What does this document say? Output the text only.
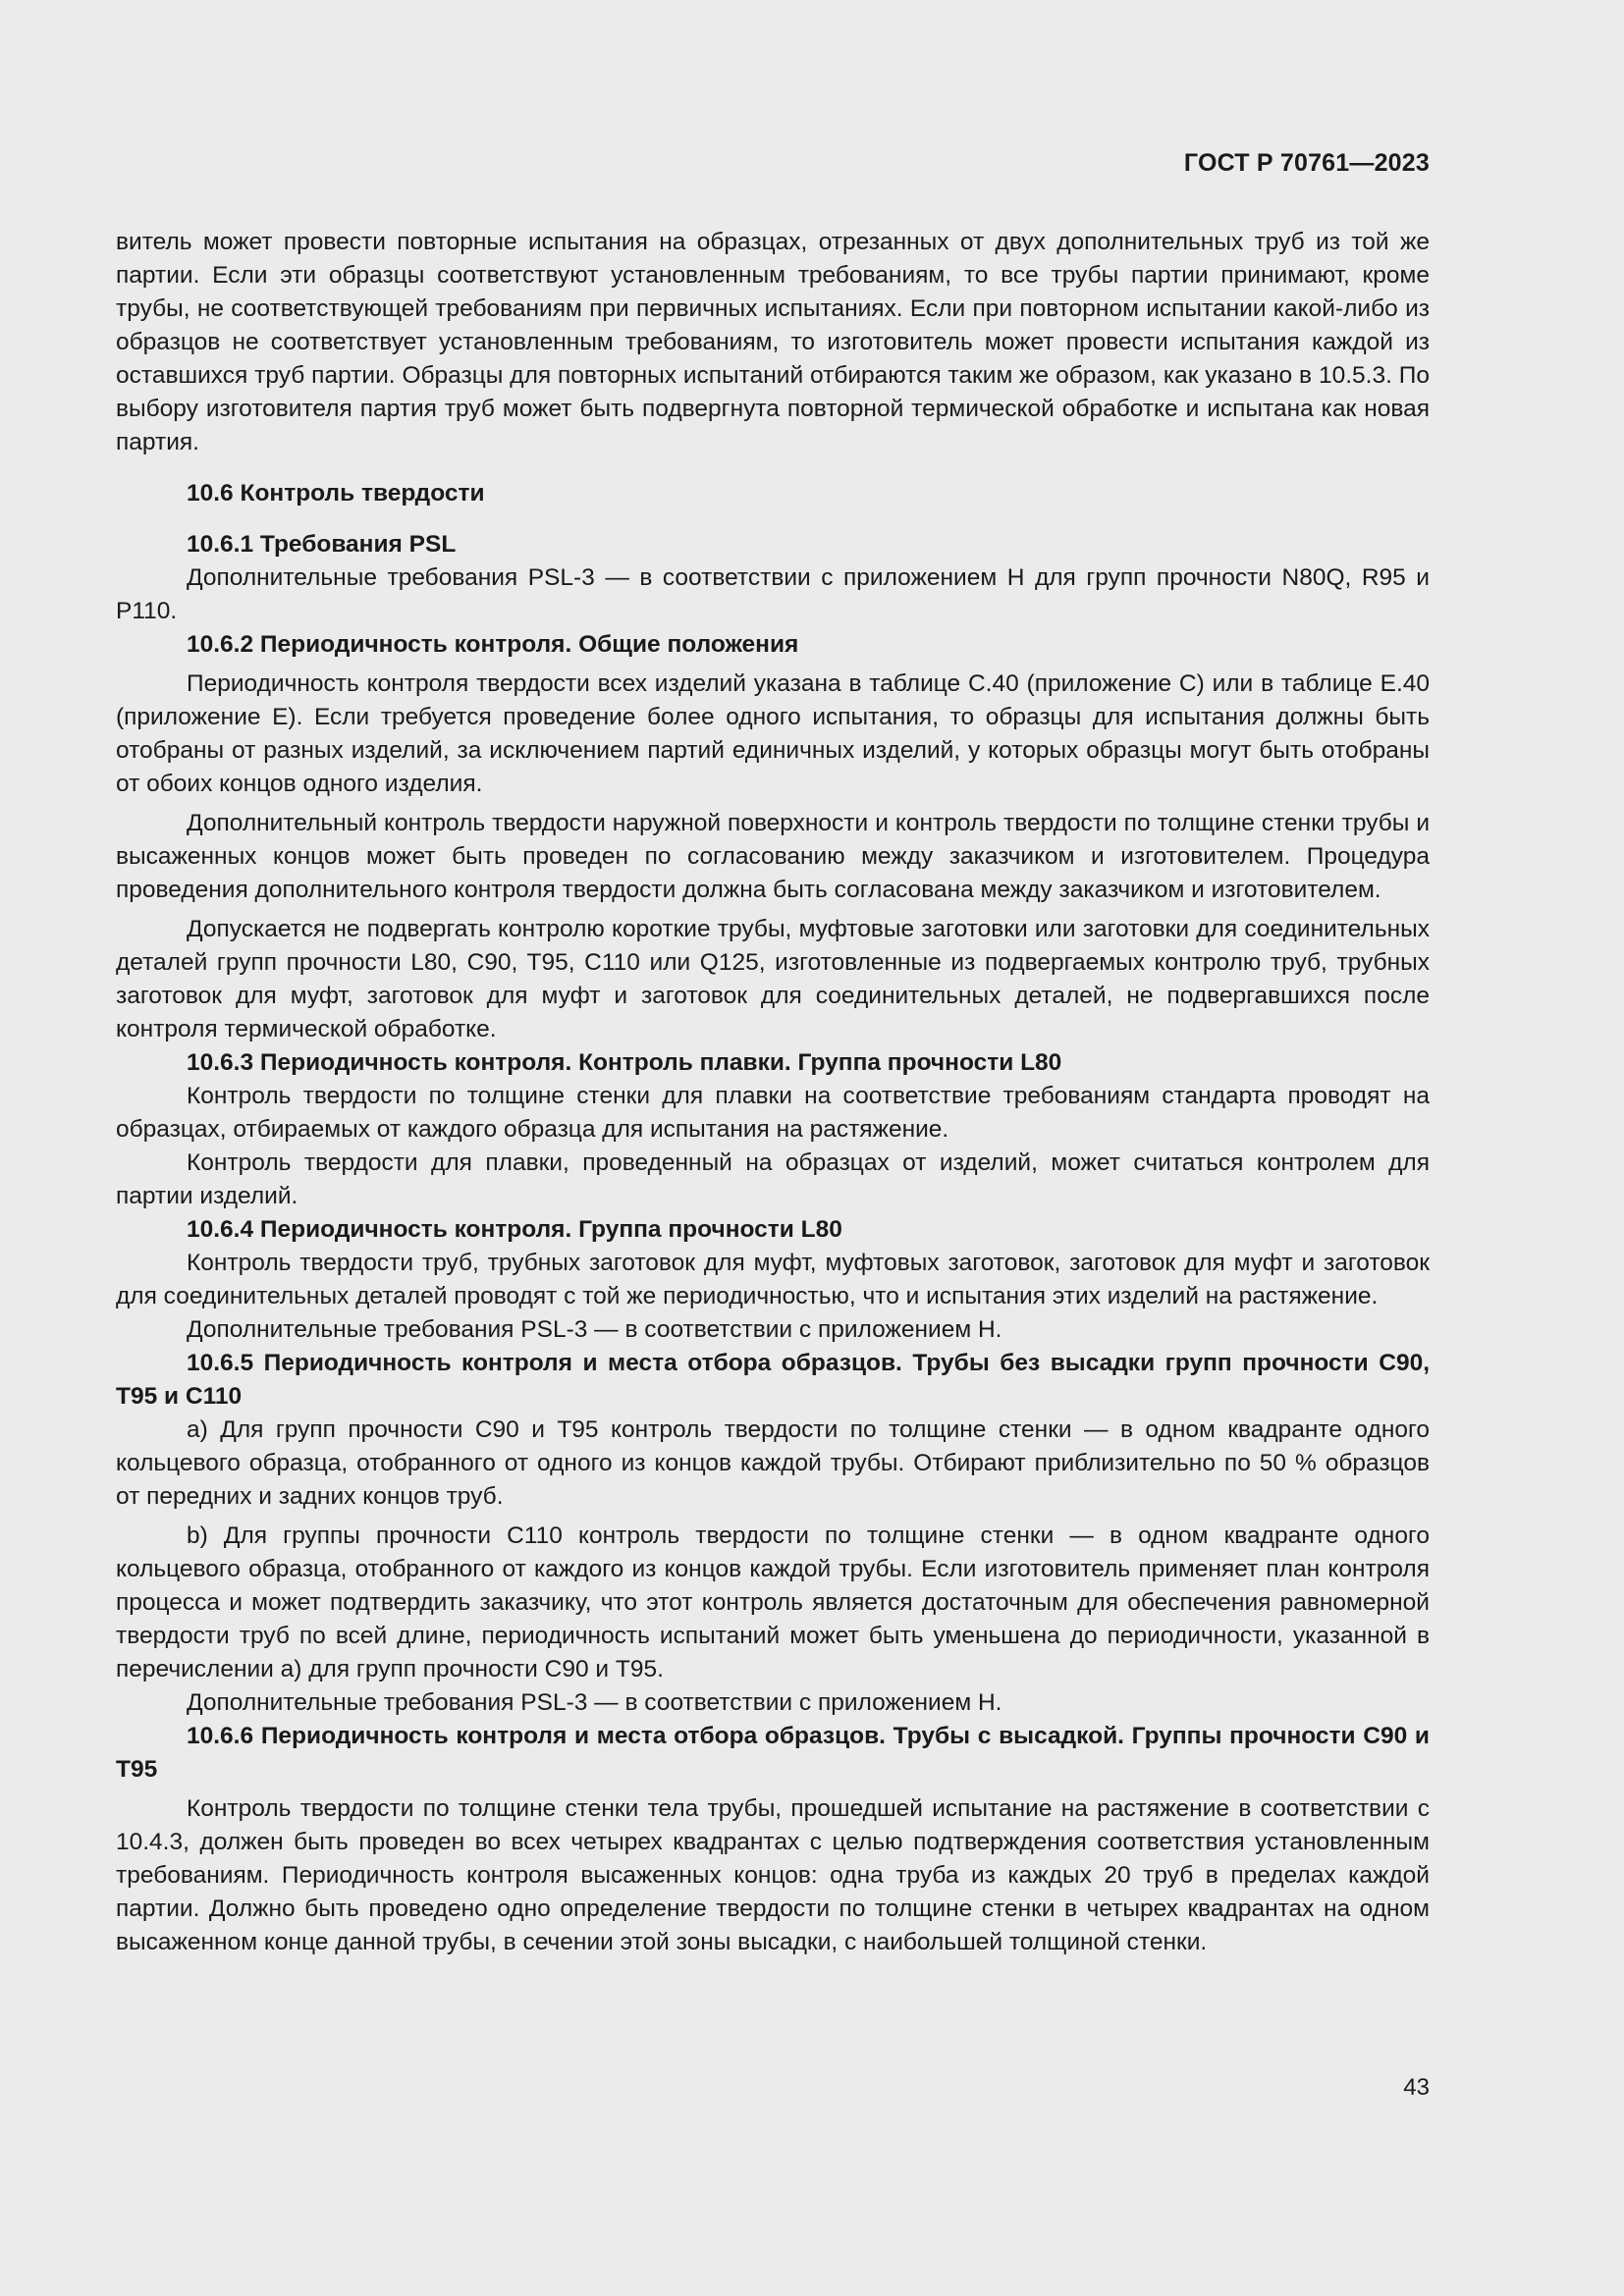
ГОСТ Р 70761—2023

витель может провести повторные испытания на образцах, отрезанных от двух дополнительных труб из той же партии. Если эти образцы соответствуют установленным требованиям, то все трубы партии принимают, кроме трубы, не соответствующей требованиям при первичных испытаниях. Если при повторном испытании какой-либо из образцов не соответствует установленным требованиям, то изготовитель может провести испытания каждой из оставшихся труб партии. Образцы для повторных испытаний отбираются таким же образом, как указано в 10.5.3. По выбору изготовителя партия труб может быть подвергнута повторной термической обработке и испытана как новая партия.

10.6 Контроль твердости

10.6.1 Требования PSL

Дополнительные требования PSL-3 — в соответствии с приложением Н для групп прочности N80Q, R95 и P110.

10.6.2 Периодичность контроля. Общие положения

Периодичность контроля твердости всех изделий указана в таблице С.40 (приложение С) или в таблице Е.40 (приложение Е). Если требуется проведение более одного испытания, то образцы для испытания должны быть отобраны от разных изделий, за исключением партий единичных изделий, у которых образцы могут быть отобраны от обоих концов одного изделия.

Дополнительный контроль твердости наружной поверхности и контроль твердости по толщине стенки трубы и высаженных концов может быть проведен по согласованию между заказчиком и изготовителем. Процедура проведения дополнительного контроля твердости должна быть согласована между заказчиком и изготовителем.

Допускается не подвергать контролю короткие трубы, муфтовые заготовки или заготовки для соединительных деталей групп прочности L80, C90, T95, C110 или Q125, изготовленные из подвергаемых контролю труб, трубных заготовок для муфт, заготовок для муфт и заготовок для соединительных деталей, не подвергавшихся после контроля термической обработке.

10.6.3 Периодичность контроля. Контроль плавки. Группа прочности L80

Контроль твердости по толщине стенки для плавки на соответствие требованиям стандарта проводят на образцах, отбираемых от каждого образца для испытания на растяжение.

Контроль твердости для плавки, проведенный на образцах от изделий, может считаться контролем для партии изделий.

10.6.4 Периодичность контроля. Группа прочности L80

Контроль твердости труб, трубных заготовок для муфт, муфтовых заготовок, заготовок для муфт и заготовок для соединительных деталей проводят с той же периодичностью, что и испытания этих изделий на растяжение.

Дополнительные требования PSL-3 — в соответствии с приложением Н.

10.6.5 Периодичность контроля и места отбора образцов. Трубы без высадки групп прочности C90, T95 и C110

a) Для групп прочности C90 и T95 контроль твердости по толщине стенки — в одном квадранте одного кольцевого образца, отобранного от одного из концов каждой трубы. Отбирают приблизительно по 50 % образцов от передних и задних концов труб.

b) Для группы прочности C110 контроль твердости по толщине стенки — в одном квадранте одного кольцевого образца, отобранного от каждого из концов каждой трубы. Если изготовитель применяет план контроля процесса и может подтвердить заказчику, что этот контроль является достаточным для обеспечения равномерной твердости труб по всей длине, периодичность испытаний может быть уменьшена до периодичности, указанной в перечислении а) для групп прочности C90 и T95.

Дополнительные требования PSL-3 — в соответствии с приложением Н.

10.6.6 Периодичность контроля и места отбора образцов. Трубы с высадкой. Группы прочности C90 и T95

Контроль твердости по толщине стенки тела трубы, прошедшей испытание на растяжение в соответствии с 10.4.3, должен быть проведен во всех четырех квадрантах с целью подтверждения соответствия установленным требованиям. Периодичность контроля высаженных концов: одна труба из каждых 20 труб в пределах каждой партии. Должно быть проведено одно определение твердости по толщине стенки в четырех квадрантах на одном высаженном конце данной трубы, в сечении этой зоны высадки, с наибольшей толщиной стенки.

43
